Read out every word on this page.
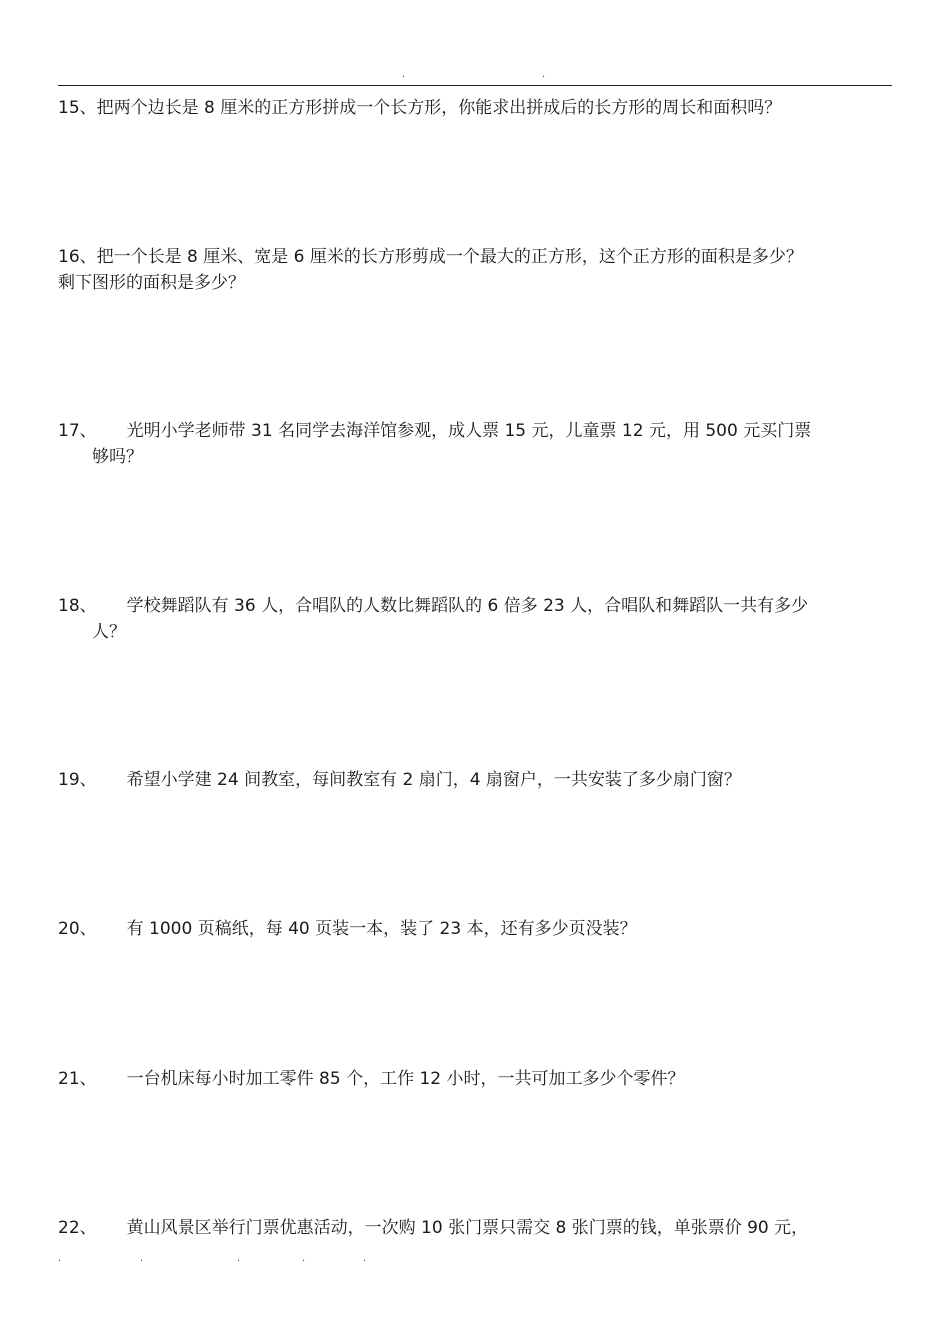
.	.
15、把两个边长是 8 厘米的正方形拼成一个长方形，你能求出拼成后的长方形的周长和面积吗？
16、把一个长是 8 厘米、宽是 6 厘米的长方形剪成一个最大的正方形，这个正方形的面积是多少？
剩下图形的面积是多少？
17、 光明小学老师带 31 名同学去海洋馆参观，成人票 15 元，儿童票 12 元，用 500 元买门票
够吗？
18、 学校舞蹈队有 36 人，合唱队的人数比舞蹈队的 6 倍多 23 人，合唱队和舞蹈队一共有多少
人？
19、 希望小学建 24 间教室，每间教室有 2 扇门，4 扇窗户，一共安装了多少扇门窗？
20、 有 1000 页稿纸，每 40 页装一本，装了 23 本，还有多少页没装？
21、 一台机床每小时加工零件 85 个，工作 12 小时，一共可加工多少个零件？
22、 黄山风景区举行门票优惠活动，一次购 10 张门票只需交 8 张门票的钱，单张票价 90 元，
.	.	.	.	.
